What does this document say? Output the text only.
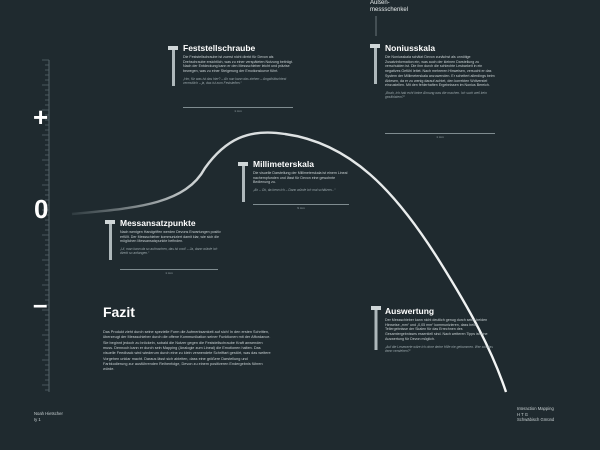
+
0
–
Außen-
messschenkel
Feststellschraube

Die Feststellschraube ist zuerst nicht direkt für Devon als Drehschraube ersichtlich, was zu einer verspäteten Nutzung beiträgt. Nach der Entdeckung kann er den Messschieber leicht und präzise bewegen, was zu einer Steigerung der Emotionskurve führt.

„Hm, für was ist das hier? – Ah nun kann das ziehen – Angsthätschtest vermutlich – ja, das ist zum Feststellen.“
1 mm
Noniusskala

Die Noniusskala schätzt Devon zunächst als unnötige Zusatzinformation ein, was auch der kleinen Darstellung zu verschulden ist. Die ihm durch die schlechte Lesbarkeit in ein negatives Gefühl leitet. Nach mehreren Hinweisen, versucht er das System der Millimeterskala anzuwenden. Er scheitert allerdings beim Ablesen, da er zu wenig darauf achtet, den korrekten Wdtverstel einzustellen. Mit den fehlerhaften Ergebnissen im Nonius Bereich.

„Boah, ich hab echt keine Ahnung was die machen. Ich such weil kein gezählstem?“
1 mm
Millimeterskala

Die visuelle Darstellung der Millimeterskala ist einem Lineal nachempfunden und lässt für Devon eine gewohnte Bedienung zu.

„Ah – Ok, da kenn ich – Dann würde ich mal schätzen...“
9 mm
Messansatzpunkte

Nach wenigen Handgriffen werden Devons Erwartungen positiv erfüllt. Der Messschieber kommuniziert damit klar, wie sich die möglichen Messansatzpunkte befinden.

„Ui, man kann da so aufmachen, das ist cool! – Ja, dann würde ich direkt so anfangen.“
1 mm
Auswertung

Der Messschieber kann nicht deutlich genug durch seine beiden Hinweise „mm“ und „0,05 mm“ kommunizieren, dass beide Teilergebnisse der Skalen für das Errechnen des Gesamtergebnisses essentiell sind. Nach weiteren Tipps ist eine Auswertung für Devon möglich.

„Auf die Lesewerte wäre ich ohne deine Hilfe nie gekommen. Wer soll das denn verstehen?“
Fazit

Das Produkt zieht durch seine spezielle Form die Aufmerksamkeit auf sich! In den ersten Schritten, überzeugt der Messschieber durch die offene Kommunikation seiner Funktionen mit der Affordance. Sie beginnt jedoch zu bröckeln, sobald die Nutzer gegen die Feststellschraube Kraft anwenden muss. Dennoch kann er durch sein Mapping (Analogie zum Lineal) die Emotionen halten. Das visuelle Feedback wird wiederum durch eine zu klein verwendete Schriftart gestört, was das weitere Vorgehen unklar macht. Daraus lässt sich ableiten, dass eine größere Darstellung und Farbkodierung zur ausführenden Reihenfolge, Devon zu einem positiveren Endergebnis führen würde.

Noah Hietscher
Iy 1
Interaction Mapping
H T G
Schwäbisch Gmünd
